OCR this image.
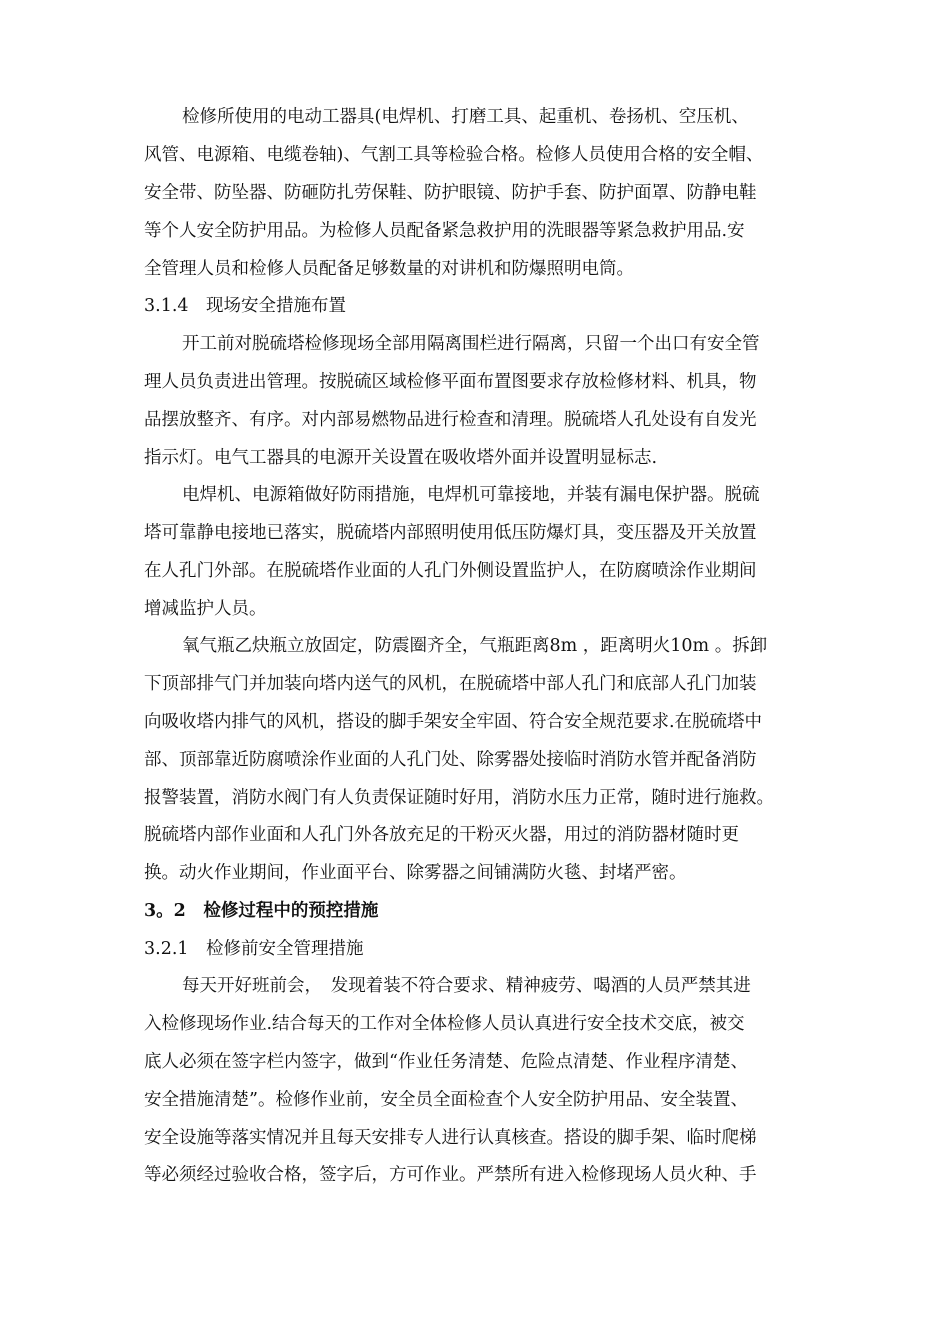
检修所使用的电动工器具(电焊机、打磨工具、起重机、卷扬机、空压机、
风管、电源箱、电缆卷轴)、气割工具等检验合格。检修人员使用合格的安全帽、
安全带、防坠器、防砸防扎劳保鞋、防护眼镜、防护手套、防护面罩、防静电鞋
等个人安全防护用品。为检修人员配备紧急救护用的洗眼器等紧急救护用品.安
全管理人员和检修人员配备足够数量的对讲机和防爆照明电筒。
3.1.4　现场安全措施布置
开工前对脱硫塔检修现场全部用隔离围栏进行隔离，只留一个出口有安全管
理人员负责进出管理。按脱硫区域检修平面布置图要求存放检修材料、机具，物
品摆放整齐、有序。对内部易燃物品进行检查和清理。脱硫塔人孔处设有自发光
指示灯。电气工器具的电源开关设置在吸收塔外面并设置明显标志.
电焊机、电源箱做好防雨措施，电焊机可靠接地，并装有漏电保护器。脱硫
塔可靠静电接地已落实，脱硫塔内部照明使用低压防爆灯具，变压器及开关放置
在人孔门外部。在脱硫塔作业面的人孔门外侧设置监护人，在防腐喷涂作业期间
增减监护人员。
氧气瓶乙炔瓶立放固定，防震圈齐全，气瓶距离8m ，距离明火10m 。拆卸
下顶部排气门并加装向塔内送气的风机，在脱硫塔中部人孔门和底部人孔门加装
向吸收塔内排气的风机，搭设的脚手架安全牢固、符合安全规范要求.在脱硫塔中
部、顶部靠近防腐喷涂作业面的人孔门处、除雾器处接临时消防水管并配备消防
报警装置，消防水阀门有人负责保证随时好用，消防水压力正常，随时进行施救。
脱硫塔内部作业面和人孔门外各放充足的干粉灭火器，用过的消防器材随时更
换。动火作业期间，作业面平台、除雾器之间铺满防火毯、封堵严密。
3。2　检修过程中的预控措施
3.2.1　检修前安全管理措施
每天开好班前会，　发现着装不符合要求、精神疲劳、喝酒的人员严禁其进
入检修现场作业.结合每天的工作对全体检修人员认真进行安全技术交底，被交
底人必须在签字栏内签字，做到“作业任务清楚、危险点清楚、作业程序清楚、
安全措施清楚”。检修作业前，安全员全面检查个人安全防护用品、安全装置、
安全设施等落实情况并且每天安排专人进行认真核查。搭设的脚手架、临时爬梯
等必须经过验收合格，签字后，方可作业。严禁所有进入检修现场人员火种、手
